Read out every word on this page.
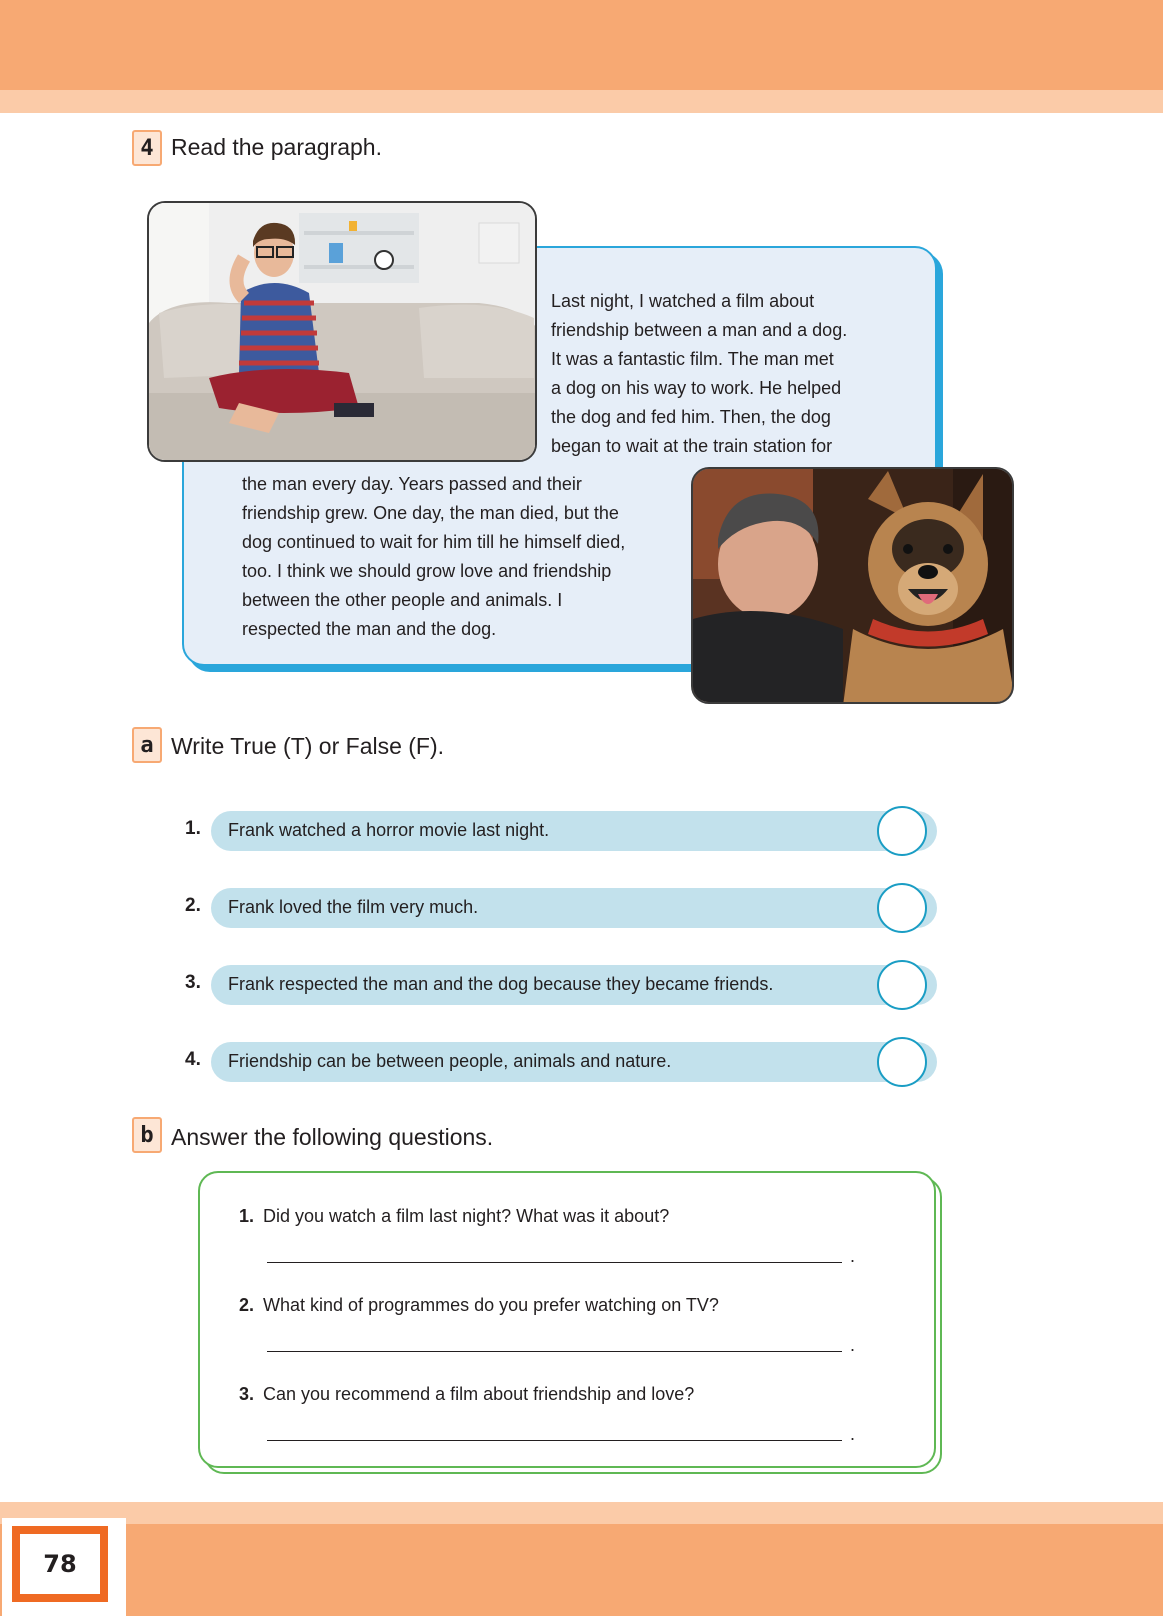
4 Read the paragraph.

Last night, I watched a film about
friendship between a man and a dog.
It was a fantastic film. The man met
a dog on his way to work. He helped
the dog and fed him. Then, the dog
began to wait at the train station for

the man every day. Years passed and their
friendship grew. One day, the man died, but the
dog continued to wait for him till he himself died,
too. I think we should grow love and friendship
between the other people and animals. I
respected the man and the dog.

a Write True (T) or False (F).
1. Frank watched a horror movie last night.
2. Frank loved the film very much.
3. Frank respected the man and the dog because they became friends.
4. Friendship can be between people, animals and nature.
b Answer the following questions.
1. Did you watch a film last night? What was it about?
.
2. What kind of programmes do you prefer watching on TV?
.
3. Can you recommend a film about friendship and love?
.
78
